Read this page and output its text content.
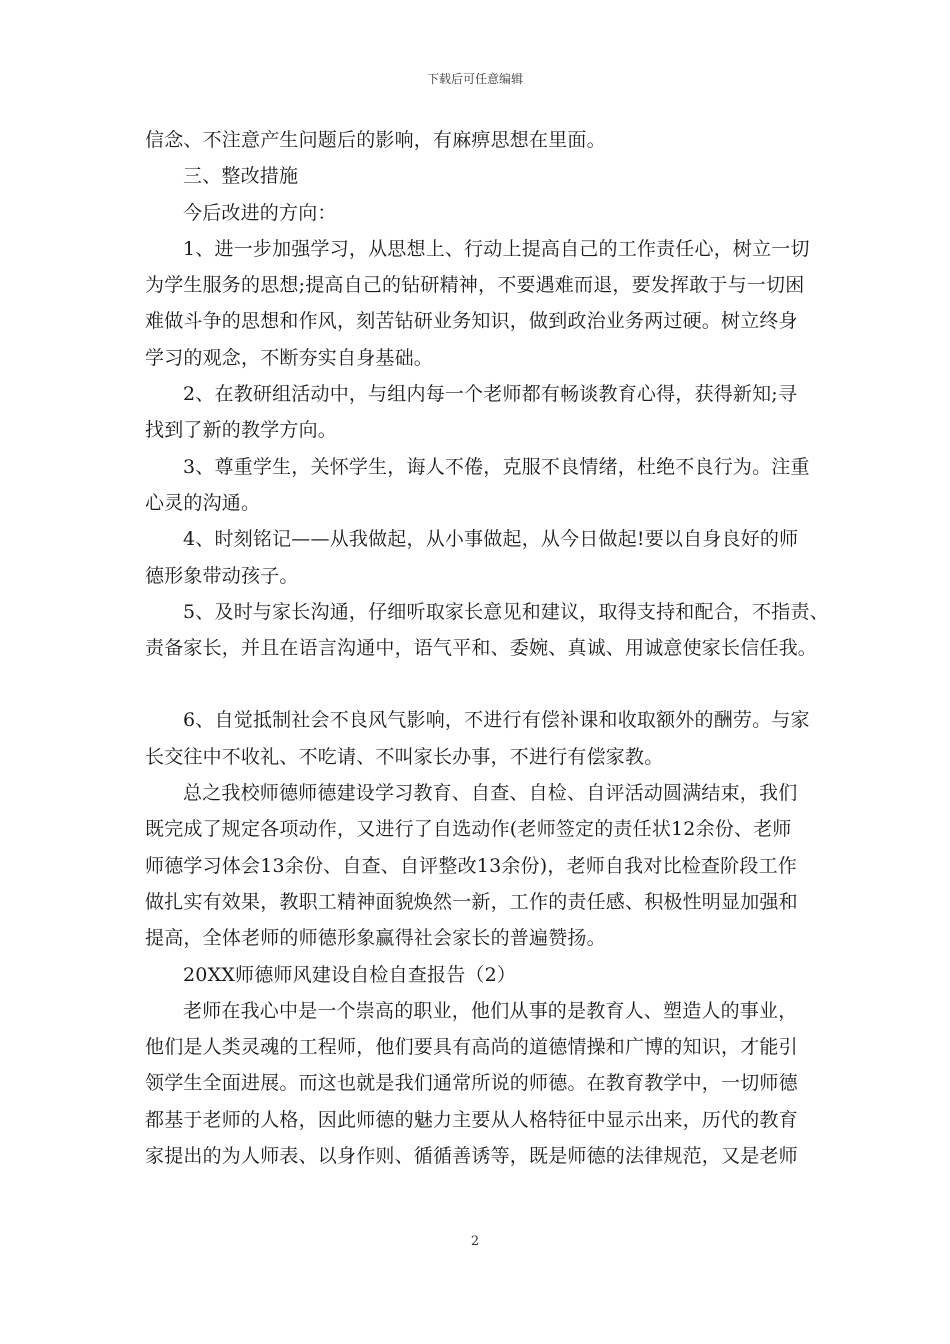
下载后可任意编辑
信念、不注意产生问题后的影响，有麻痹思想在里面。
三、整改措施
今后改进的方向：
1、进一步加强学习，从思想上、行动上提高自己的工作责任心，树立一切
为学生服务的思想;提高自己的钻研精神，不要遇难而退，要发挥敢于与一切困
难做斗争的思想和作风，刻苦钻研业务知识，做到政治业务两过硬。树立终身
学习的观念，不断夯实自身基础。
2、在教研组活动中，与组内每一个老师都有畅谈教育心得，获得新知;寻
找到了新的教学方向。
3、尊重学生，关怀学生，诲人不倦，克服不良情绪，杜绝不良行为。注重
心灵的沟通。
4、时刻铭记——从我做起，从小事做起，从今日做起!要以自身良好的师
德形象带动孩子。
5、及时与家长沟通，仔细听取家长意见和建议，取得支持和配合，不指责、
责备家长，并且在语言沟通中，语气平和、委婉、真诚、用诚意使家长信任我。
6、自觉抵制社会不良风气影响，不进行有偿补课和收取额外的酬劳。与家
长交往中不收礼、不吃请、不叫家长办事，不进行有偿家教。
总之我校师德师德建设学习教育、自查、自检、自评活动圆满结束，我们
既完成了规定各项动作，又进行了自选动作(老师签定的责任状12余份、老师
师德学习体会13余份、自查、自评整改13余份)，老师自我对比检查阶段工作
做扎实有效果，教职工精神面貌焕然一新，工作的责任感、积极性明显加强和
提高，全体老师的师德形象赢得社会家长的普遍赞扬。
20XX师德师风建设自检自查报告（2）
老师在我心中是一个崇高的职业，他们从事的是教育人、塑造人的事业，
他们是人类灵魂的工程师，他们要具有高尚的道德情操和广博的知识，才能引
领学生全面进展。而这也就是我们通常所说的师德。在教育教学中，一切师德
都基于老师的人格，因此师德的魅力主要从人格特征中显示出来，历代的教育
家提出的为人师表、以身作则、循循善诱等，既是师德的法律规范，又是老师
2
